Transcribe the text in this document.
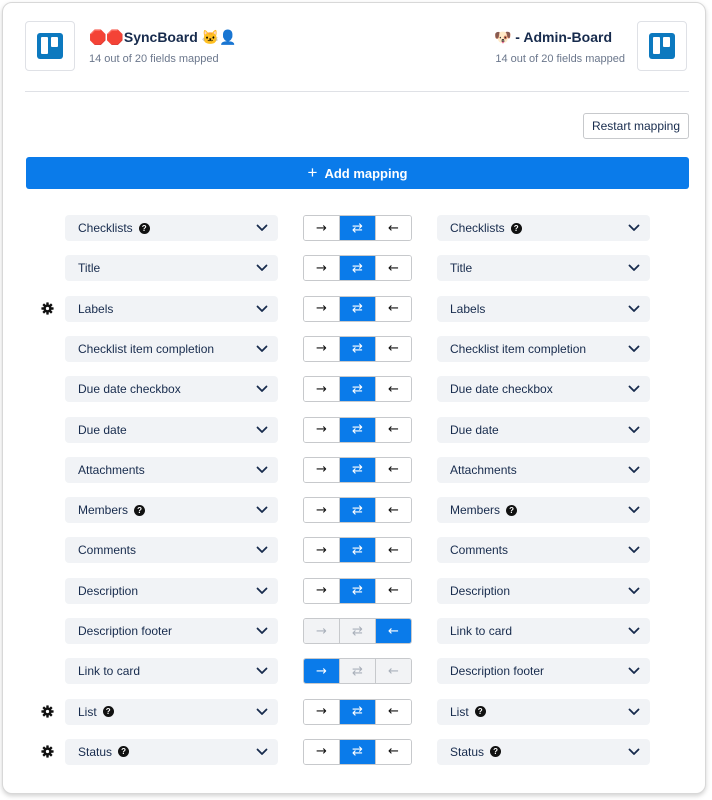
🛑🛑SyncBoard 🐱👤
14 out of 20 fields mapped
🐶 - Admin-Board
14 out of 20 fields mapped
Restart mapping
+ Add mapping
Checklists	?	→	⇄	←	Checklists	?
Title	→	⇄	←	Title
Labels	→	⇄	←	Labels
Checklist item completion	→	⇄	←	Checklist item completion
Due date checkbox	→	⇄	←	Due date checkbox
Due date	→	⇄	←	Due date
Attachments	→	⇄	←	Attachments
Members	?	→	⇄	←	Members	?
Comments	→	⇄	←	Comments
Description	→	⇄	←	Description
Description footer	→	⇄	←	Link to card
Link to card	→	⇄	←	Description footer
List	?	→	⇄	←	List	?
Status	?	→	⇄	←	Status	?
